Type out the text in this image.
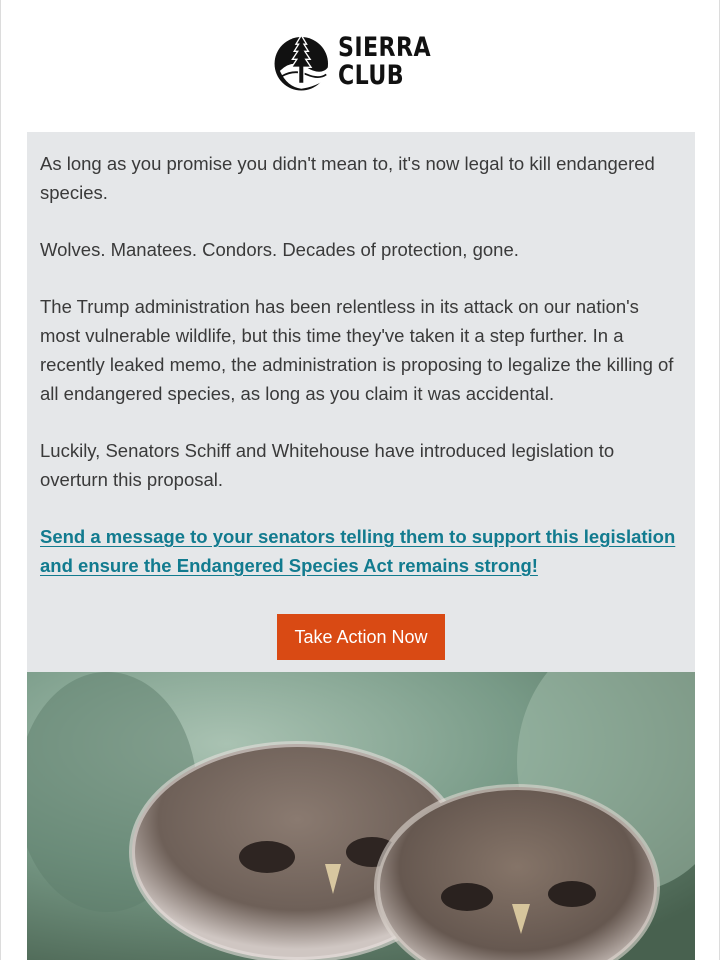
SIERRA
CLUB

As long as you promise you didn't mean to, it's now legal to kill endangered species.

Wolves. Manatees. Condors. Decades of protection, gone.

The Trump administration has been relentless in its attack on our nation's most vulnerable wildlife, but this time they've taken it a step further. In a recently leaked memo, the administration is proposing to legalize the killing of all endangered species, as long as you claim it was accidental.

Luckily, Senators Schiff and Whitehouse have introduced legislation to overturn this proposal.

Send a message to your senators telling them to support this legislation and ensure the Endangered Species Act remains strong!

Take Action Now
